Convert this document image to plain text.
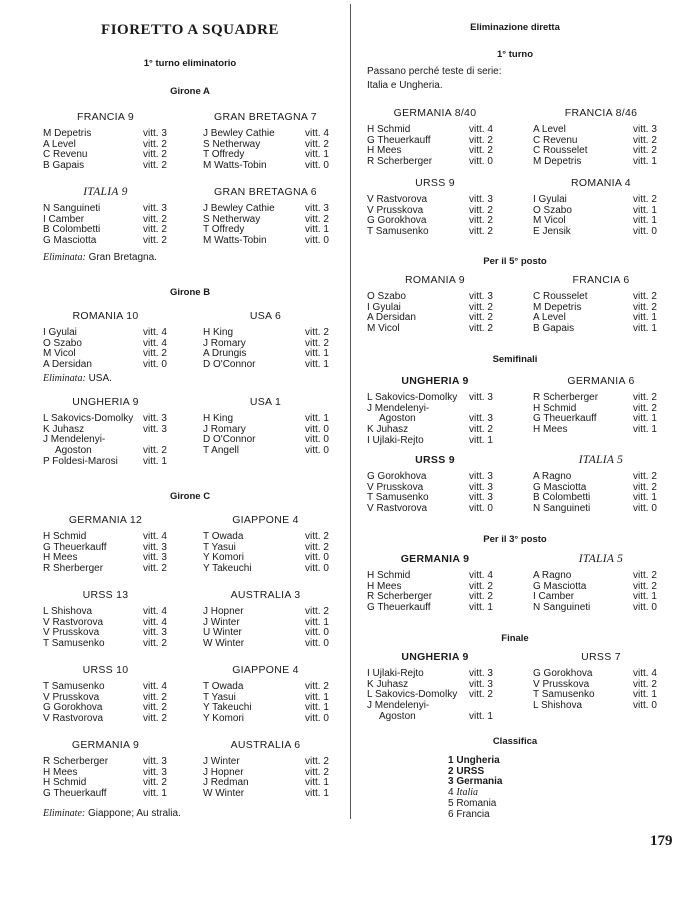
FIORETTO A SQUADRE
1° turno eliminatorio
Girone A
FRANCIA 9
M Depetris	vitt. 3
A Level	vitt. 2
C Revenu	vitt. 2
B Gapais	vitt. 2
GRAN BRETAGNA 7
J Bewley Cathie	vitt. 4
S Netherway	vitt. 2
T Offredy	vitt. 1
M Watts-Tobin	vitt. 0
ITALIA 9
N Sanguineti	vitt. 3
I Camber	vitt. 2
B Colombetti	vitt. 2
G Masciotta	vitt. 2
GRAN BRETAGNA 6
J Bewley Cathie	vitt. 3
S Netherway	vitt. 2
T Offredy	vitt. 1
M Watts-Tobin	vitt. 0
Eliminata: Gran Bretagna.
Girone B
ROMANIA 10
I Gyulai	vitt. 4
O Szabo	vitt. 4
M Vicol	vitt. 2
A Dersidan	vitt. 0
USA 6
H King	vitt. 2
J Romary	vitt. 2
A Drungis	vitt. 1
D O'Connor	vitt. 1
Eliminata: USA.
UNGHERIA 9
L Sakovics-Domolky vitt. 3
K Juhasz	vitt. 3
J Mendelenyi-
Agoston	vitt. 2
P Foldesi-Marosi	vitt. 1
USA 1
H King	vitt. 1
J Romary	vitt. 0
D O'Connor	vitt. 0
T Angell	vitt. 0
Girone C
GERMANIA 12
H Schmid	vitt. 4
G Theuerkauff	vitt. 3
H Mees	vitt. 3
R Sherberger	vitt. 2
GIAPPONE 4
T Owada	vitt. 2
T Yasui	vitt. 2
Y Komori	vitt. 0
Y Takeuchi	vitt. 0
URSS 13
L Shishova	vitt. 4
V Rastvorova	vitt. 4
V Prusskova	vitt. 3
T Samusenko	vitt. 2
AUSTRALIA 3
J Hopner	vitt. 2
J Winter	vitt. 1
U Winter	vitt. 0
W Winter	vitt. 0
URSS 10
T Samusenko	vitt. 4
V Prusskova	vitt. 2
G Gorokhova	vitt. 2
V Rastvorova	vitt. 2
GIAPPONE 4
T Owada	vitt. 2
T Yasui	vitt. 1
Y Takeuchi	vitt. 1
Y Komori	vitt. 0
GERMANIA 9
R Scherberger	vitt. 3
H Mees	vitt. 3
H Schmid	vitt. 2
G Theuerkauff	vitt. 1
AUSTRALIA 6
J Winter	vitt. 2
J Hopner	vitt. 2
J Redman	vitt. 1
W Winter	vitt. 1
Eliminate: Giappone; Au stralia.
Eliminazione diretta
1° turno
Passano perché teste di serie:
Italia e Ungheria.
GERMANIA 8/40
H Schmid	vitt. 4
G Theuerkauff	vitt. 2
H Mees	vitt. 2
R Scherberger	vitt. 0
FRANCIA 8/46
A Level	vitt. 3
C Revenu	vitt. 2
C Rousselet	vitt. 2
M Depetris	vitt. 1
URSS 9
V Rastvorova	vitt. 3
V Prusskova	vitt. 2
G Gorokhova	vitt. 2
T Samusenko	vitt. 2
ROMANIA 4
I Gyulai	vitt. 2
O Szabo	vitt. 1
M Vicol	vitt. 1
E Jensik	vitt. 0
Per il 5° posto
ROMANIA 9
O Szabo	vitt. 3
I Gyulai	vitt. 2
A Dersidan	vitt. 2
M Vicol	vitt. 2
FRANCIA 6
C Rousselet	vitt. 2
M Depetris	vitt. 2
A Level	vitt. 1
B Gapais	vitt. 1
Semifinali
UNGHERIA 9
L Sakovics-Domolky vitt. 3
J Mendelenyi-
Agoston	vitt. 3
K Juhasz	vitt. 2
I Ujlaki-Rejto	vitt. 1
GERMANIA 6
R Scherberger	vitt. 2
H Schmid	vitt. 2
G Theuerkauff	vitt. 1
H Mees	vitt. 1
URSS 9
G Gorokhova	vitt. 3
V Prusskova	vitt. 3
T Samusenko	vitt. 3
V Rastvorova	vitt. 0
ITALIA 5
A Ragno	vitt. 2
G Masciotta	vitt. 2
B Colombetti	vitt. 1
N Sanguineti	vitt. 0
Per il 3° posto
GERMANIA 9
H Schmid	vitt. 4
H Mees	vitt. 2
R Scherberger	vitt. 2
G Theuerkauff	vitt. 1
ITALIA 5
A Ragno	vitt. 2
G Masciotta	vitt. 2
I Camber	vitt. 1
N Sanguineti	vitt. 0
Finale
UNGHERIA 9
I Ujlaki-Rejto	vitt. 3
K Juhasz	vitt. 3
L Sakovics-Domolky vitt. 2
J Mendelenyi-
Agoston	vitt. 1
URSS 7
G Gorokhova	vitt. 4
V Prusskova	vitt. 2
T Samusenko	vitt. 1
L Shishova	vitt. 0
Classifica
1 Ungheria
2 URSS
3 Germania
4 Italia
5 Romania
6 Francia
179
